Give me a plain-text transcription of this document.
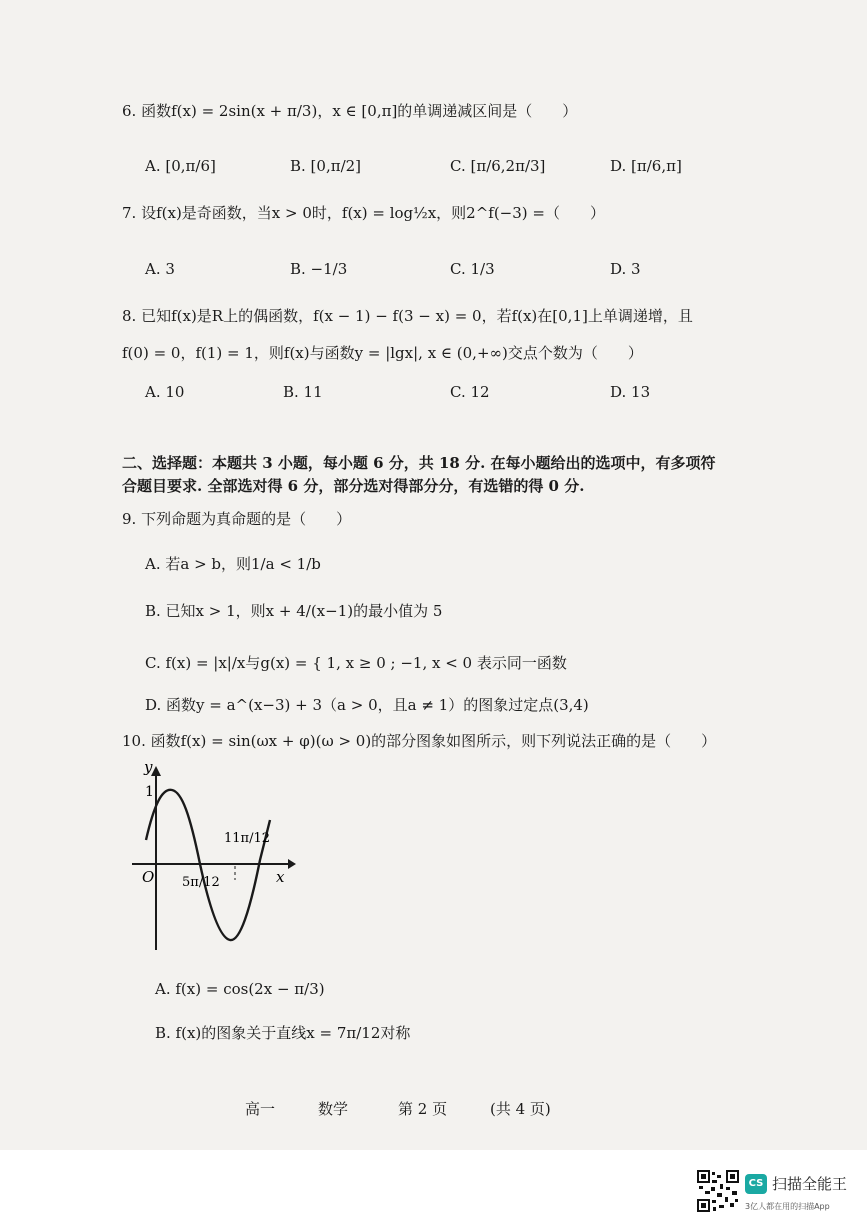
6. 函数f(x) = 2sin(x + π/3)，x ∈ [0,π]的单调递减区间是（　　）
A. [0,π/6]	B. [0,π/2]	C. [π/6,2π/3]	D. [π/6,π]
7. 设f(x)是奇函数，当x > 0时，f(x) = log½x，则2^f(−3) =（　　）
A. 3	B. −1/3	C. 1/3	D. 3
8. 已知f(x)是R上的偶函数，f(x − 1) − f(3 − x) = 0，若f(x)在[0,1]上单调递增，且
f(0) = 0，f(1) = 1，则f(x)与函数y = |lgx|, x ∈ (0,+∞)交点个数为（　　）
A. 10	B. 11	C. 12	D. 13
二、选择题：本题共 3 小题，每小题 6 分，共 18 分. 在每小题给出的选项中，有多项符
合题目要求. 全部选对得 6 分，部分选对得部分分，有选错的得 0 分.
9. 下列命题为真命题的是（　　）
A. 若a > b，则1/a < 1/b
B. 已知x > 1，则x + 4/(x−1)的最小值为 5
C. f(x) = |x|/x与g(x) = { 1, x ≥ 0 ; −1, x < 0 表示同一函数
D. 函数y = a^(x−3) + 3（a > 0，且a ≠ 1）的图象过定点(3,4)
10. 函数f(x) = sin(ωx + φ)(ω > 0)的部分图象如图所示，则下列说法正确的是（　　）
y
1
O	x
5π/12
11π/12
A. f(x) = cos(2x − π/3)
B. f(x)的图象关于直线x = 7π/12对称
高一	数学	第 2 页	(共 4 页)
CS 扫描全能王
3亿人都在用的扫描App
